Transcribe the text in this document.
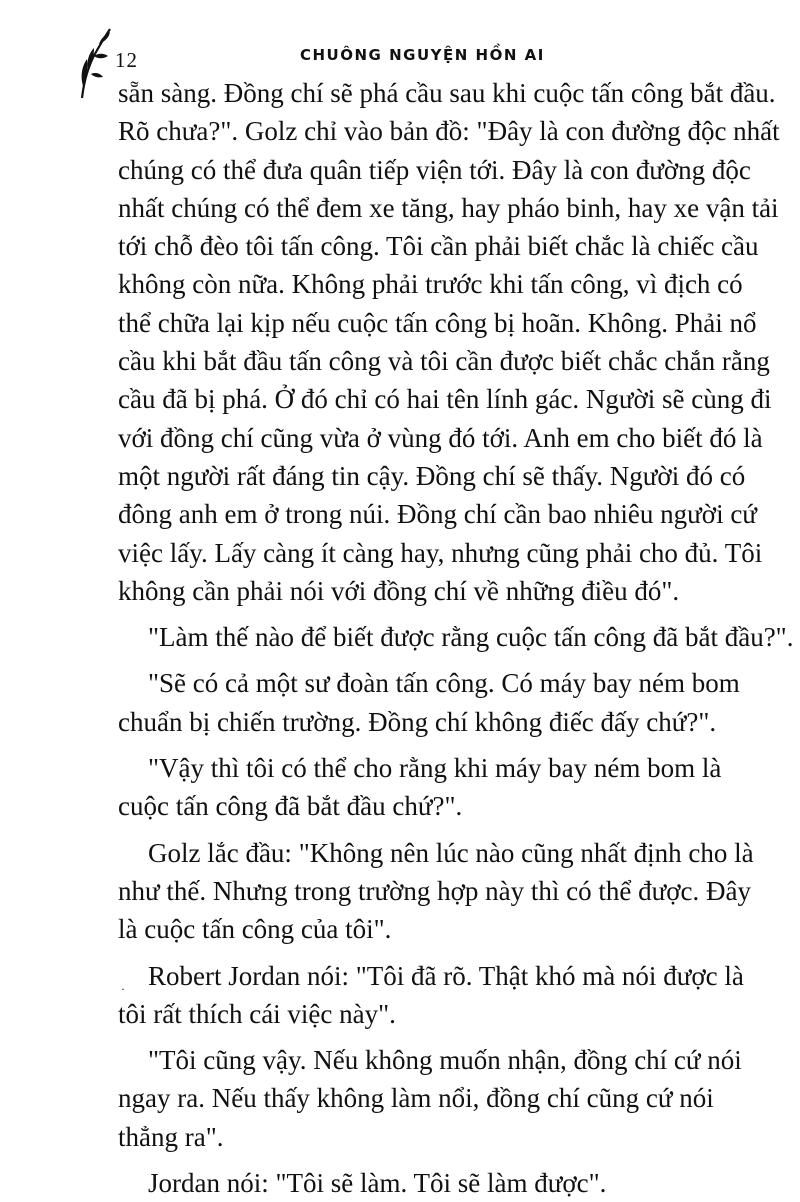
12	CHUÔNG NGUYỆN HỒN AI
sẵn sàng. Đồng chí sẽ phá cầu sau khi cuộc tấn công bắt đầu.
Rõ chưa?". Golz chỉ vào bản đồ: "Đây là con đường độc nhất
chúng có thể đưa quân tiếp viện tới. Đây là con đường độc
nhất chúng có thể đem xe tăng, hay pháo binh, hay xe vận tải
tới chỗ đèo tôi tấn công. Tôi cần phải biết chắc là chiếc cầu
không còn nữa. Không phải trước khi tấn công, vì địch có
thể chữa lại kịp nếu cuộc tấn công bị hoãn. Không. Phải nổ
cầu khi bắt đầu tấn công và tôi cần được biết chắc chắn rằng
cầu đã bị phá. Ở đó chỉ có hai tên lính gác. Người sẽ cùng đi
với đồng chí cũng vừa ở vùng đó tới. Anh em cho biết đó là
một người rất đáng tin cậy. Đồng chí sẽ thấy. Người đó có
đông anh em ở trong núi. Đồng chí cần bao nhiêu người cứ
việc lấy. Lấy càng ít càng hay, nhưng cũng phải cho đủ. Tôi
không cần phải nói với đồng chí về những điều đó".
"Làm thế nào để biết được rằng cuộc tấn công đã bắt đầu?".
"Sẽ có cả một sư đoàn tấn công. Có máy bay ném bom
chuẩn bị chiến trường. Đồng chí không điếc đấy chứ?".
"Vậy thì tôi có thể cho rằng khi máy bay ném bom là
cuộc tấn công đã bắt đầu chứ?".
Golz lắc đầu: "Không nên lúc nào cũng nhất định cho là
như thế. Nhưng trong trường hợp này thì có thể được. Đây
là cuộc tấn công của tôi".
Robert Jordan nói: "Tôi đã rõ. Thật khó mà nói được là
tôi rất thích cái việc này".
"Tôi cũng vậy. Nếu không muốn nhận, đồng chí cứ nói
ngay ra. Nếu thấy không làm nổi, đồng chí cũng cứ nói
thẳng ra".
Jordan nói: "Tôi sẽ làm. Tôi sẽ làm được".
·
